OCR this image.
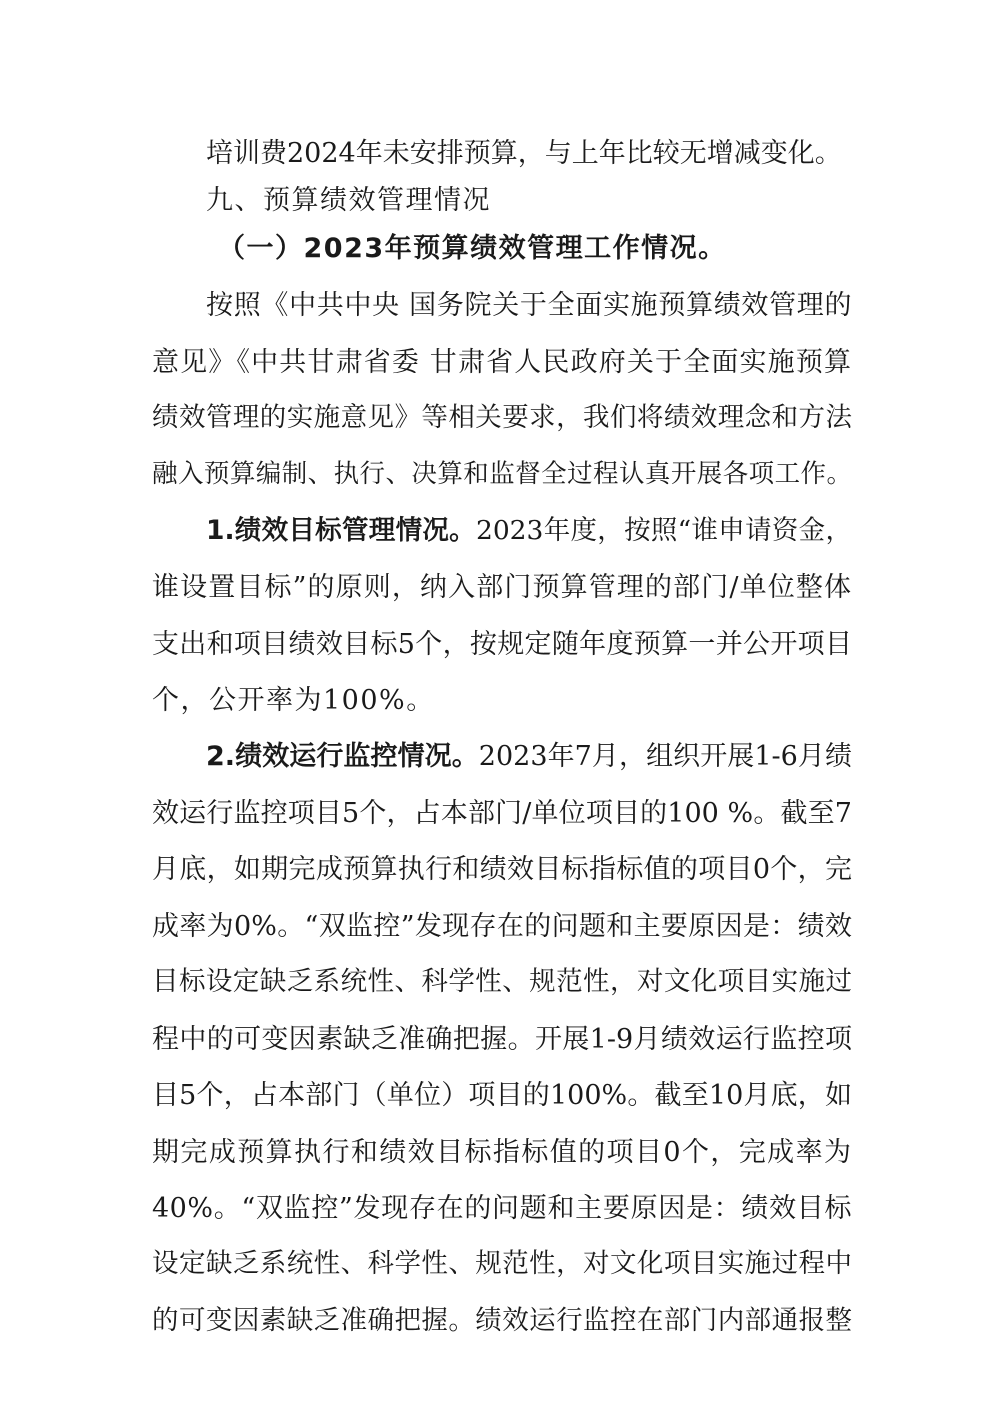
培训费2024年未安排预算，与上年比较无增减变化。
九、预算绩效管理情况
（一）2023年预算绩效管理工作情况。
按照《中共中央 国务院关于全面实施预算绩效管理的
意见》《中共甘肃省委 甘肃省人民政府关于全面实施预算
绩效管理的实施意见》等相关要求，我们将绩效理念和方法
融入预算编制、执行、决算和监督全过程认真开展各项工作。
1.绩效目标管理情况。2023年度，按照“谁申请资金，
谁设置目标”的原则，纳入部门预算管理的部门/单位整体
支出和项目绩效目标5个，按规定随年度预算一并公开项目
个，公开率为100%。
2.绩效运行监控情况。2023年7月，组织开展1-6月绩
效运行监控项目5个，占本部门/单位项目的100 %。截至7
月底，如期完成预算执行和绩效目标指标值的项目0个，完
成率为0%。“双监控”发现存在的问题和主要原因是：绩效
目标设定缺乏系统性、科学性、规范性，对文化项目实施过
程中的可变因素缺乏准确把握。开展1-9月绩效运行监控项
目5个，占本部门（单位）项目的100%。截至10月底，如
期完成预算执行和绩效目标指标值的项目0个，完成率为
40%。“双监控”发现存在的问题和主要原因是：绩效目标
设定缺乏系统性、科学性、规范性，对文化项目实施过程中
的可变因素缺乏准确把握。绩效运行监控在部门内部通报整
